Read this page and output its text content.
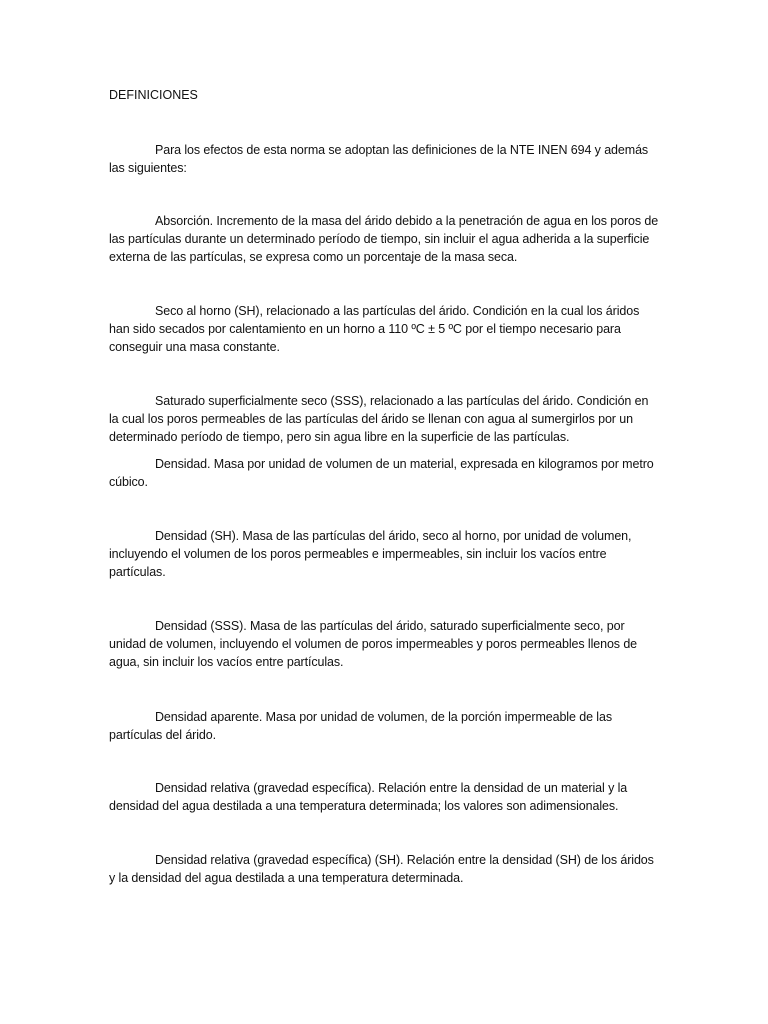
DEFINICIONES

Para los efectos de esta norma se adoptan las definiciones de la NTE INEN 694 y además las siguientes:

Absorción. Incremento de la masa del árido debido a la penetración de agua en los poros de las partículas durante un determinado período de tiempo, sin incluir el agua adherida a la superficie externa de las partículas, se expresa como un porcentaje de la masa seca.

Seco al horno (SH), relacionado a las partículas del árido. Condición en la cual los áridos han sido secados por calentamiento en un horno a 110 ºC ± 5 ºC por el tiempo necesario para conseguir una masa constante.

Saturado superficialmente seco (SSS), relacionado a las partículas del árido. Condición en la cual los poros permeables de las partículas del árido se llenan con agua al sumergirlos por un determinado período de tiempo, pero sin agua libre en la superficie de las partículas.

Densidad. Masa por unidad de volumen de un material, expresada en kilogramos por metro cúbico.

Densidad (SH). Masa de las partículas del árido, seco al horno, por unidad de volumen, incluyendo el volumen de los poros permeables e impermeables, sin incluir los vacíos entre partículas.

Densidad (SSS). Masa de las partículas del árido, saturado superficialmente seco, por unidad de volumen, incluyendo el volumen de poros impermeables y poros permeables llenos de agua, sin incluir los vacíos entre partículas.

Densidad aparente. Masa por unidad de volumen, de la porción impermeable de las partículas del árido.

Densidad relativa (gravedad específica). Relación entre la densidad de un material y la densidad del agua destilada a una temperatura determinada; los valores son adimensionales.

Densidad relativa (gravedad específica) (SH). Relación entre la densidad (SH) de los áridos y la densidad del agua destilada a una temperatura determinada.
